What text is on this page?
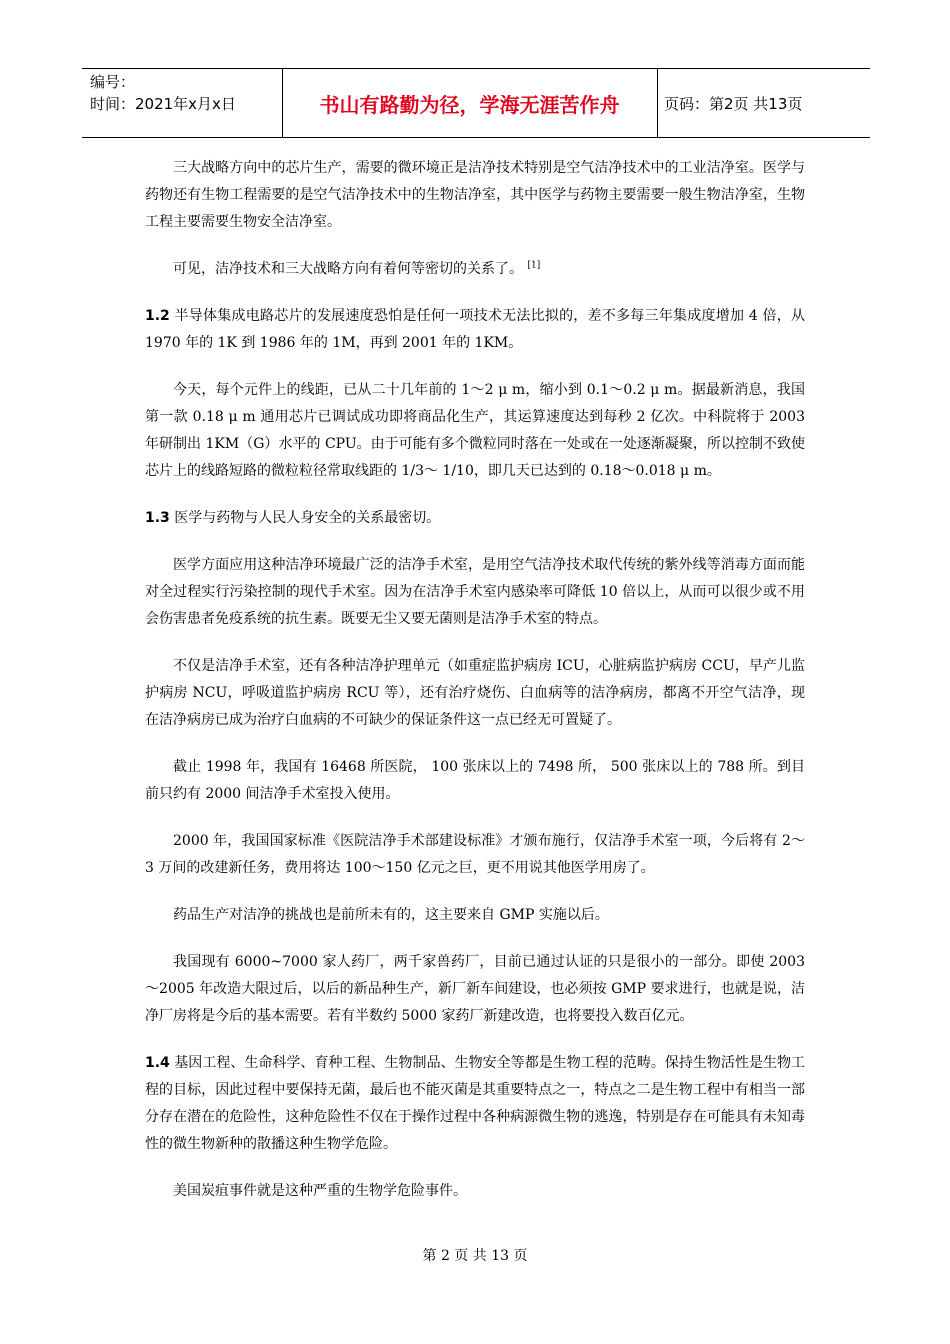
编号：
时间：2021年x月x日	书山有路勤为径，学海无涯苦作舟	页码：第2页 共13页

三大战略方向中的芯片生产，需要的微环境正是洁净技术特别是空气洁净技术中的工业洁净室。医学与药物还有生物工程需要的是空气洁净技术中的生物洁净室，其中医学与药物主要需要一般生物洁净室，生物工程主要需要生物安全洁净室。

可见，洁净技术和三大战略方向有着何等密切的关系了。 [1]

1.2 半导体集成电路芯片的发展速度恐怕是任何一项技术无法比拟的，差不多每三年集成度增加 4 倍，从 1970 年的 1K 到 1986 年的 1M，再到 2001 年的 1KM。

今天，每个元件上的线距，已从二十几年前的 1～2 μ m，缩小到 0.1～0.2 μ m。据最新消息，我国第一款 0.18 μ m 通用芯片已调试成功即将商品化生产，其运算速度达到每秒 2 亿次。中科院将于 2003 年研制出 1KM（G）水平的 CPU。由于可能有多个微粒同时落在一处或在一处逐渐凝聚，所以控制不致使芯片上的线路短路的微粒粒径常取线距的 1/3～ 1/10，即几天已达到的 0.18～0.018 μ m。

1.3 医学与药物与人民人身安全的关系最密切。

医学方面应用这种洁净环境最广泛的洁净手术室，是用空气洁净技术取代传统的紫外线等消毒方面而能对全过程实行污染控制的现代手术室。因为在洁净手术室内感染率可降低 10 倍以上，从而可以很少或不用会伤害患者免疫系统的抗生素。既要无尘又要无菌则是洁净手术室的特点。

不仅是洁净手术室，还有各种洁净护理单元（如重症监护病房 ICU，心脏病监护病房 CCU，早产儿监护病房 NCU，呼吸道监护病房 RCU 等），还有治疗烧伤、白血病等的洁净病房，都离不开空气洁净，现在洁净病房已成为治疗白血病的不可缺少的保证条件这一点已经无可置疑了。

截止 1998 年，我国有 16468 所医院， 100 张床以上的 7498 所， 500 张床以上的 788 所。到目前只约有 2000 间洁净手术室投入使用。

2000 年，我国国家标准《医院洁净手术部建设标准》才颁布施行，仅洁净手术室一项，今后将有 2～3 万间的改建新任务，费用将达 100～150 亿元之巨，更不用说其他医学用房了。

药品生产对洁净的挑战也是前所未有的，这主要来自 GMP 实施以后。

我国现有 6000~7000 家人药厂，两千家兽药厂，目前已通过认证的只是很小的一部分。即使 2003～2005 年改造大限过后，以后的新品种生产，新厂新车间建设，也必须按 GMP 要求进行，也就是说，洁净厂房将是今后的基本需要。若有半数约 5000 家药厂新建改造，也将要投入数百亿元。

1.4 基因工程、生命科学、育种工程、生物制品、生物安全等都是生物工程的范畴。保持生物活性是生物工程的目标，因此过程中要保持无菌，最后也不能灭菌是其重要特点之一，特点之二是生物工程中有相当一部分存在潜在的危险性，这种危险性不仅在于操作过程中各种病源微生物的逃逸，特别是存在可能具有未知毒性的微生物新种的散播这种生物学危险。

美国炭疽事件就是这种严重的生物学危险事件。

第 2 页 共 13 页
